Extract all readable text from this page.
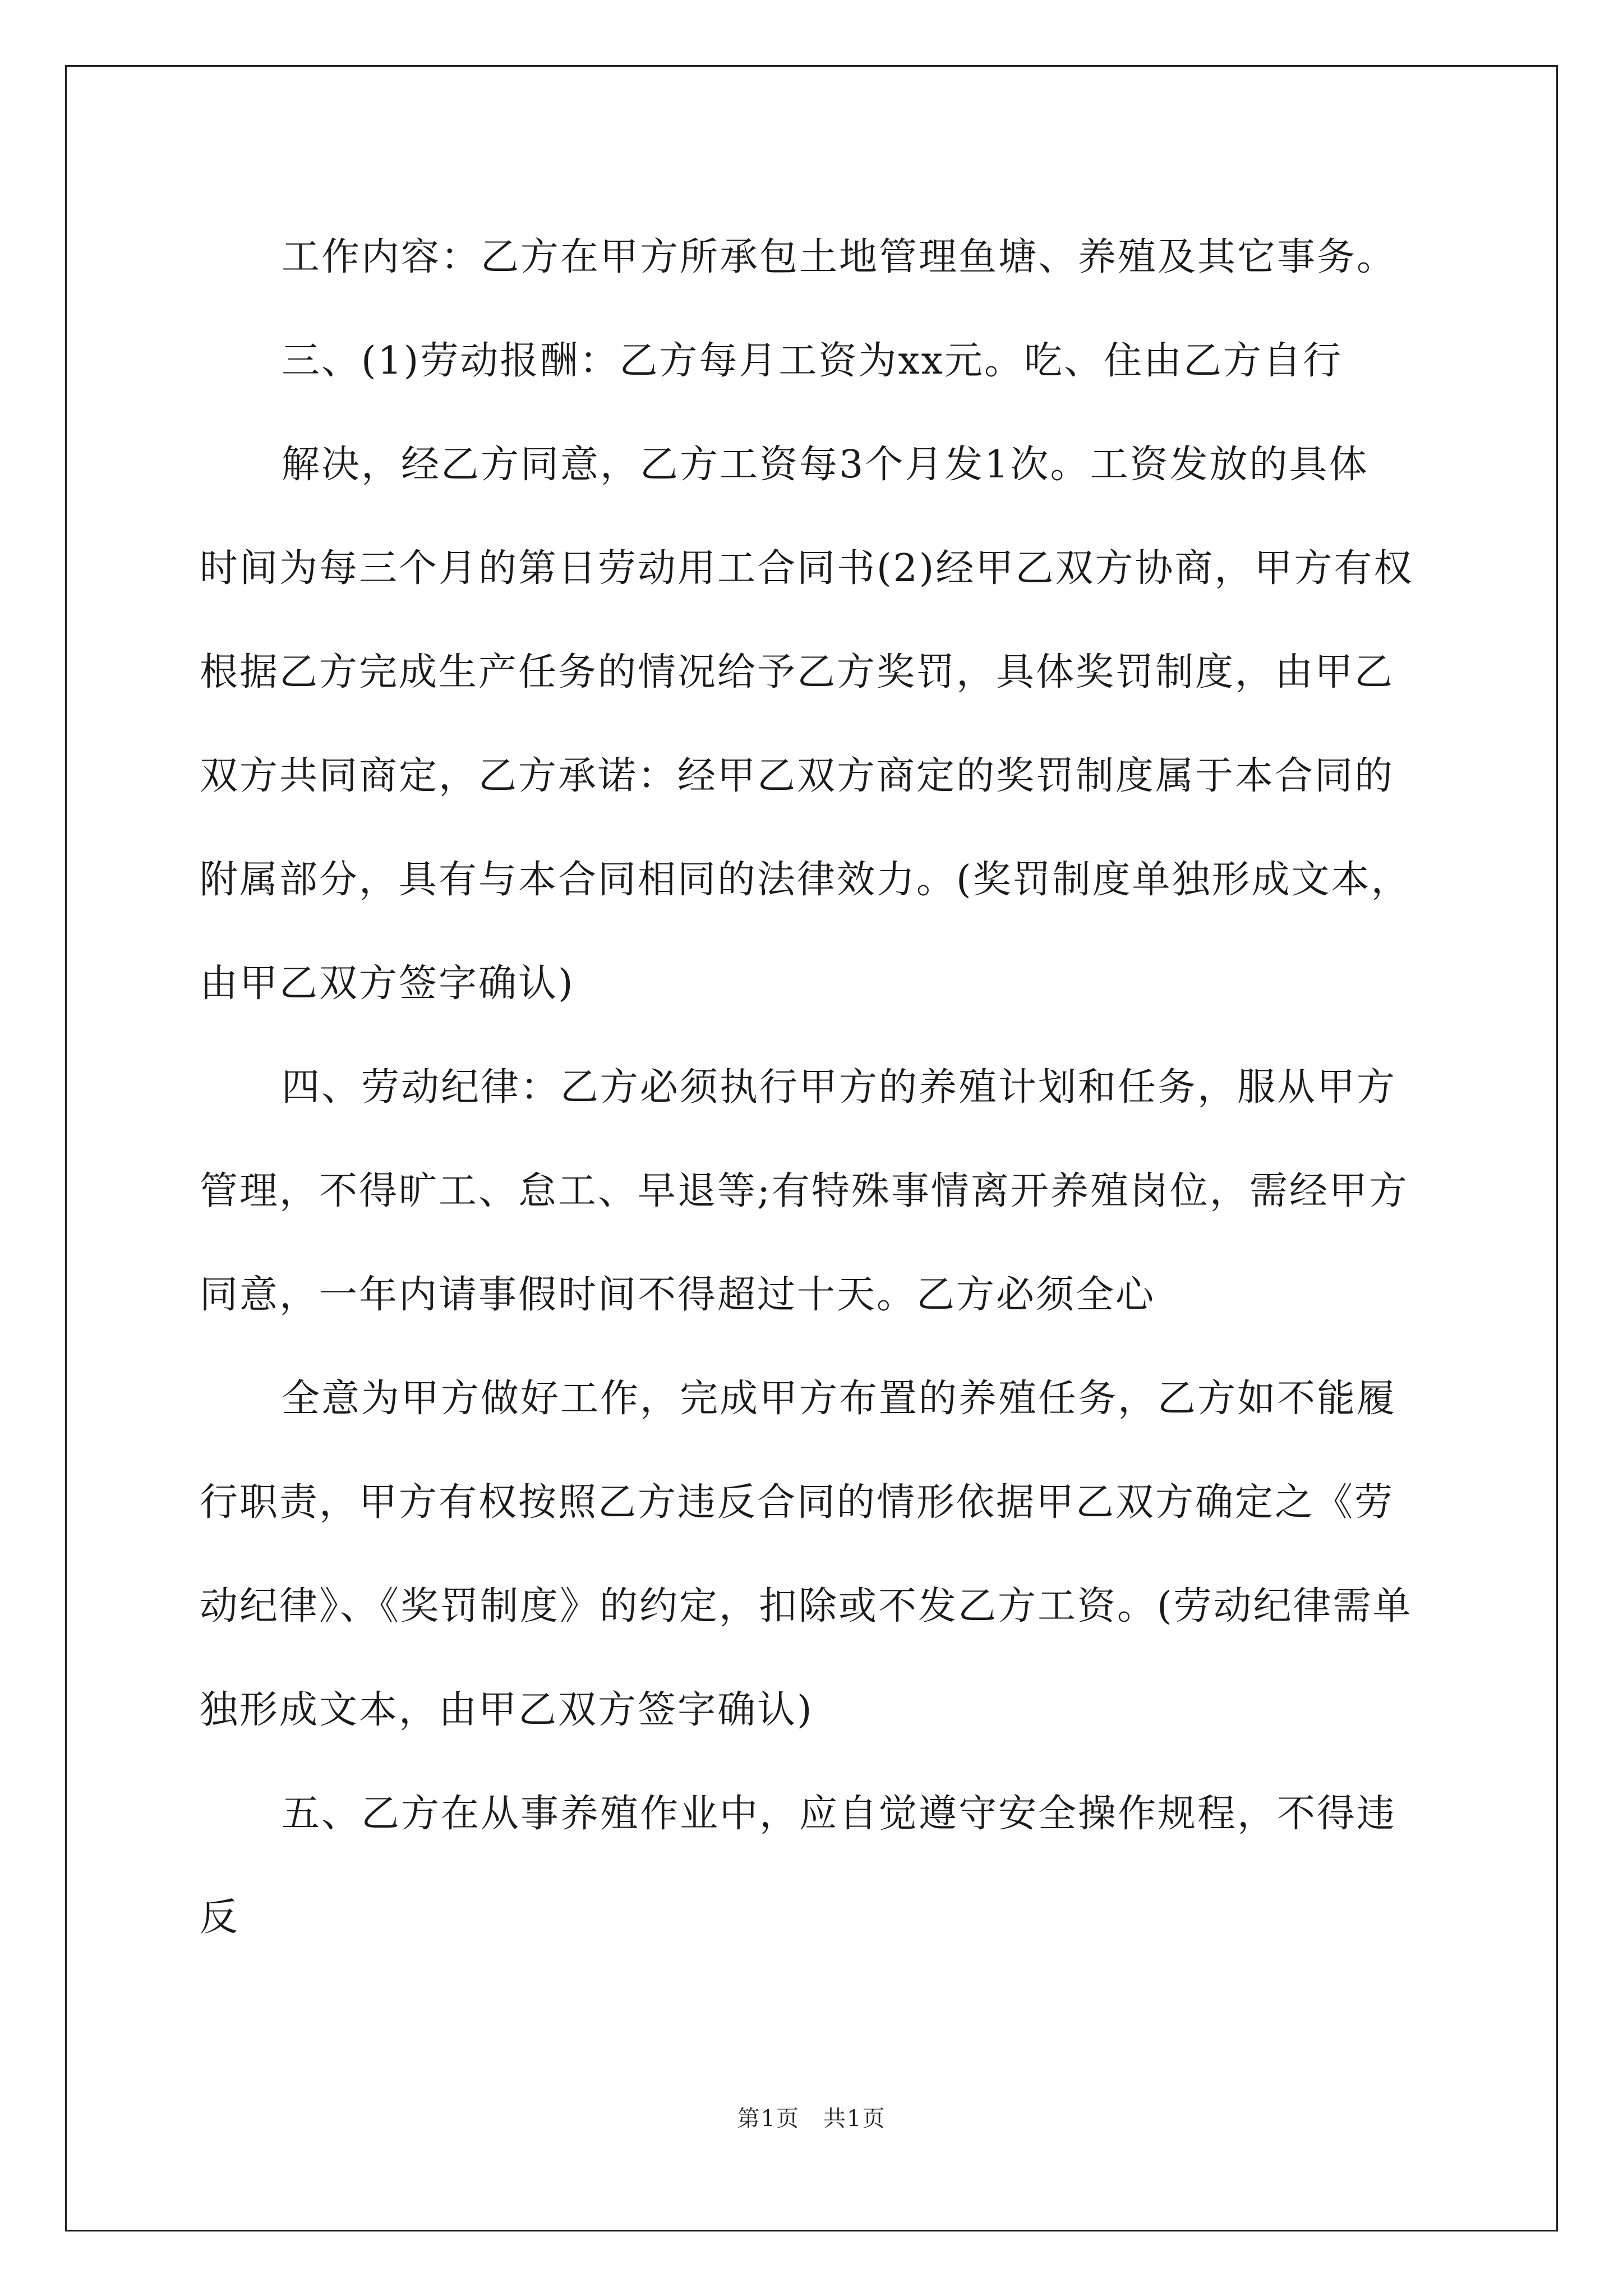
工作内容：乙方在甲方所承包土地管理鱼塘、养殖及其它事务。
三、(1)劳动报酬：乙方每月工资为xx元。吃、住由乙方自行
解决，经乙方同意，乙方工资每3个月发1次。工资发放的具体
时间为每三个月的第日劳动用工合同书(2)经甲乙双方协商，甲方有权
根据乙方完成生产任务的情况给予乙方奖罚，具体奖罚制度，由甲乙
双方共同商定，乙方承诺：经甲乙双方商定的奖罚制度属于本合同的
附属部分，具有与本合同相同的法律效力。(奖罚制度单独形成文本，
由甲乙双方签字确认)
四、劳动纪律：乙方必须执行甲方的养殖计划和任务，服从甲方
管理，不得旷工、怠工、早退等;有特殊事情离开养殖岗位，需经甲方
同意，一年内请事假时间不得超过十天。乙方必须全心
全意为甲方做好工作，完成甲方布置的养殖任务，乙方如不能履
行职责，甲方有权按照乙方违反合同的情形依据甲乙双方确定之《劳
动纪律》、《奖罚制度》的约定，扣除或不发乙方工资。(劳动纪律需单
独形成文本，由甲乙双方签字确认)
五、乙方在从事养殖作业中，应自觉遵守安全操作规程，不得违
反
第1页　共1页
